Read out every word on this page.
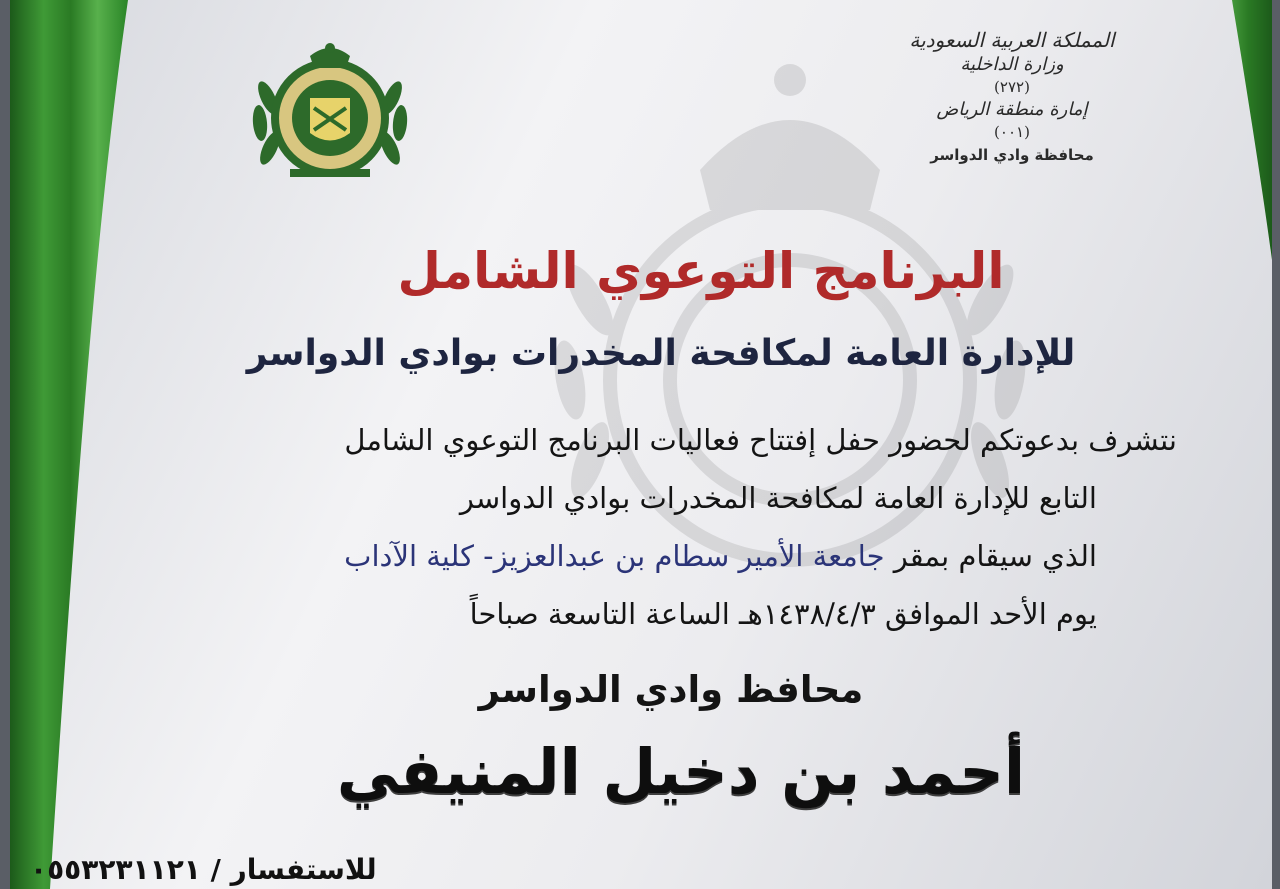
المملكة العربية السعودية
وزارة الداخلية
(٢٧٢)
إمارة منطقة الرياض
(٠٠١)
محافظة وادي الدواسر
البرنامج التوعوي الشامل
للإدارة العامة لمكافحة المخدرات بوادي الدواسر
نتشرف بدعوتكم لحضور حفل إفتتاح فعاليات البرنامج التوعوي الشامل
التابع للإدارة العامة لمكافحة المخدرات بوادي الدواسر
الذي سيقام بمقر جامعة الأمير سطام بن عبدالعزيز- كلية الآداب
يوم الأحد الموافق ١٤٣٨/٤/٣هـ الساعة التاسعة صباحاً
محافظ وادي الدواسر
أحمد بن دخيل المنيفي
للاستفسار / ٠٥٥٣٢٣١١٢١
